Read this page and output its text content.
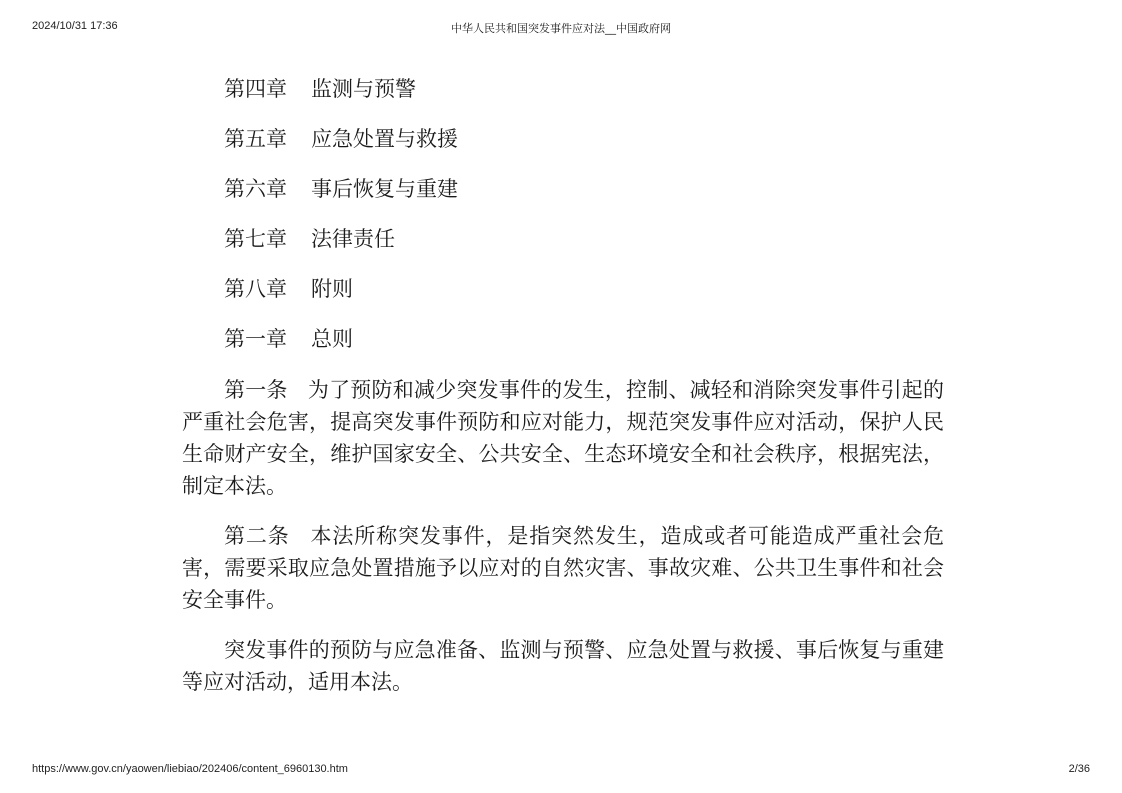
2024/10/31 17:36	中华人民共和国突发事件应对法__中国政府网
第四章 监测与预警
第五章 应急处置与救援
第六章 事后恢复与重建
第七章 法律责任
第八章 附则
第一章 总则

第一条 为了预防和减少突发事件的发生，控制、减轻和消除突发事件引起的严重社会危害，提高突发事件预防和应对能力，规范突发事件应对活动，保护人民生命财产安全，维护国家安全、公共安全、生态环境安全和社会秩序，根据宪法，制定本法。

第二条 本法所称突发事件，是指突然发生，造成或者可能造成严重社会危害，需要采取应急处置措施予以应对的自然灾害、事故灾难、公共卫生事件和社会安全事件。

突发事件的预防与应急准备、监测与预警、应急处置与救援、事后恢复与重建等应对活动，适用本法。

https://www.gov.cn/yaowen/liebiao/202406/content_6960130.htm	2/36
